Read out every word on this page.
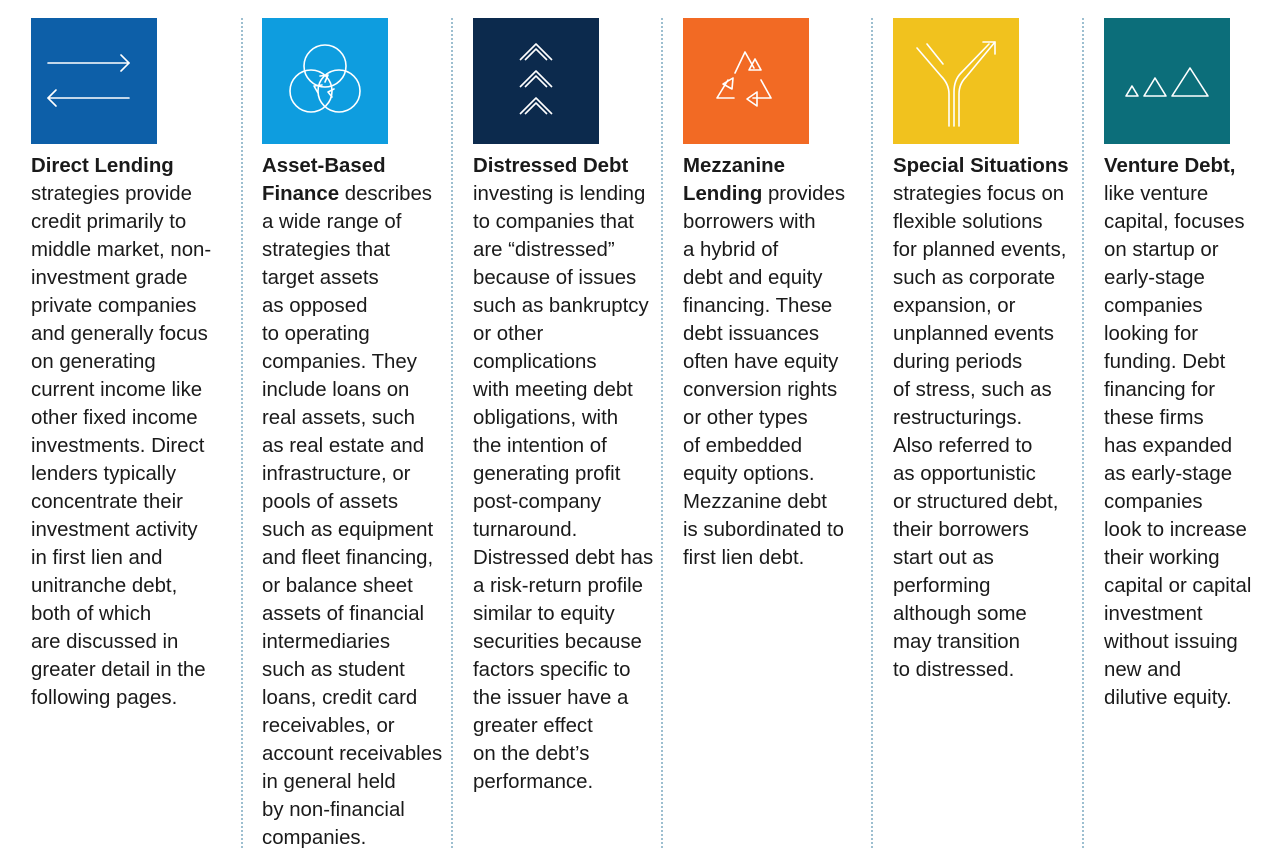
Direct Lending
strategies provide
credit primarily to
middle market, non-
investment grade
private companies
and generally focus
on generating
current income like
other fixed income
investments. Direct
lenders typically
concentrate their
investment activity
in first lien and
unitranche debt,
both of which
are discussed in
greater detail in the
following pages.
Asset-Based
Finance describes
a wide range of
strategies that
target assets
as opposed
to operating
companies. They
include loans on
real assets, such
as real estate and
infrastructure, or
pools of assets
such as equipment
and fleet financing,
or balance sheet
assets of financial
intermediaries
such as student
loans, credit card
receivables, or
account receivables
in general held
by non-financial
companies.
Distressed Debt
investing is lending
to companies that
are “distressed”
because of issues
such as bankruptcy
or other
complications
with meeting debt
obligations, with
the intention of
generating profit
post-company
turnaround.
Distressed debt has
a risk-return profile
similar to equity
securities because
factors specific to
the issuer have a
greater effect
on the debt’s
performance.
Mezzanine
Lending provides
borrowers with
a hybrid of
debt and equity
financing. These
debt issuances
often have equity
conversion rights
or other types
of embedded
equity options.
Mezzanine debt
is subordinated to
first lien debt.
Special Situations
strategies focus on
flexible solutions
for planned events,
such as corporate
expansion, or
unplanned events
during periods
of stress, such as
restructurings.
Also referred to
as opportunistic
or structured debt,
their borrowers
start out as
performing
although some
may transition
to distressed.
Venture Debt,
like venture
capital, focuses
on startup or
early-stage
companies
looking for
funding. Debt
financing for
these firms
has expanded
as early-stage
companies
look to increase
their working
capital or capital
investment
without issuing
new and
dilutive equity.
